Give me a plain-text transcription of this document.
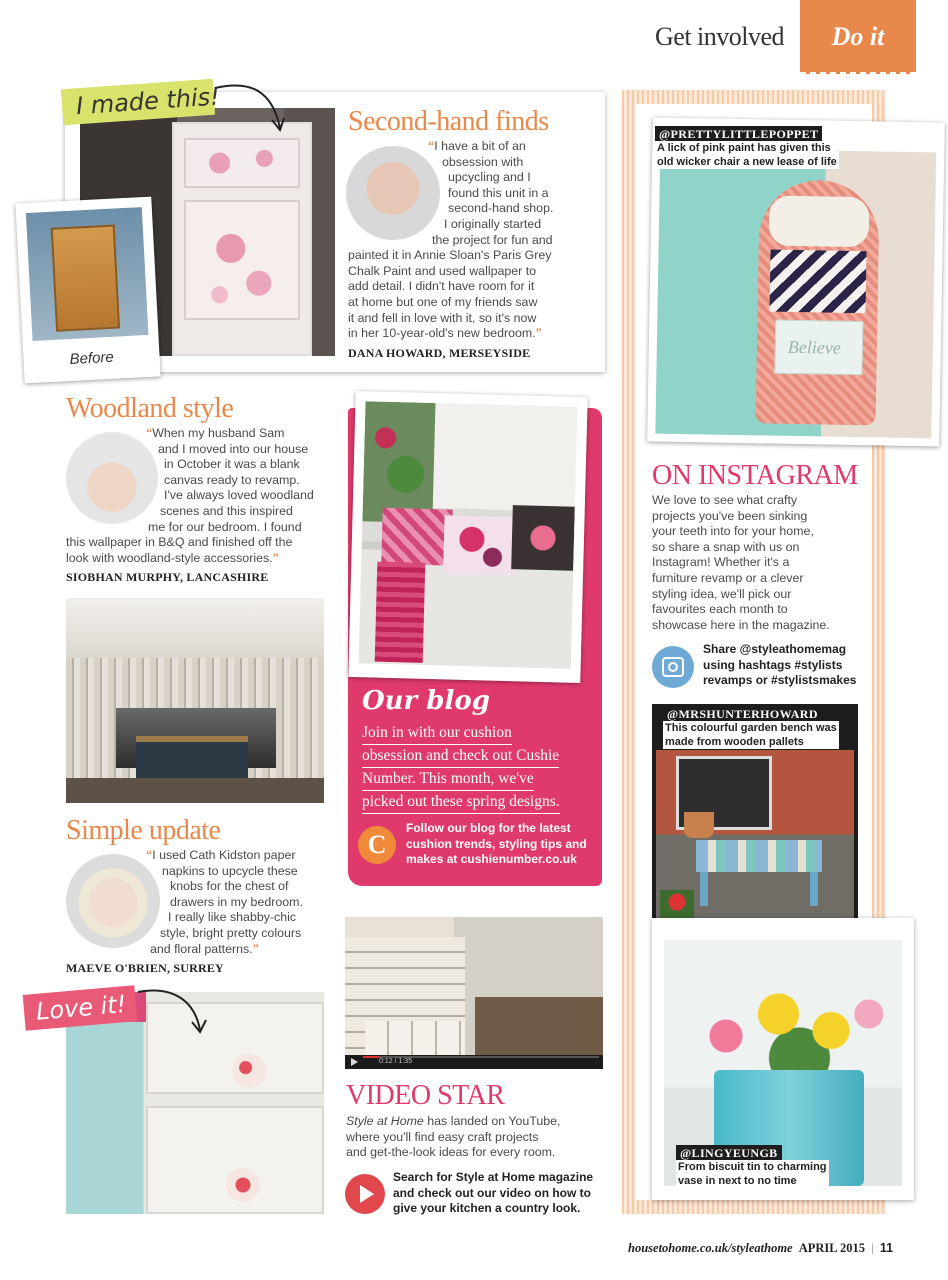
Get involved	Do it
I made this!
Before
Second-hand finds
“I have a bit of an
obsession with
upcycling and I
found this unit in a
second-hand shop.
I originally started
the project for fun and
painted it in Annie Sloan's Paris Grey
Chalk Paint and used wallpaper to
add detail. I didn't have room for it
at home but one of my friends saw
it and fell in love with it, so it's now
in her 10-year-old's new bedroom.”
DANA HOWARD, MERSEYSIDE
Woodland style
“When my husband Sam
and I moved into our house
in October it was a blank
canvas ready to revamp.
I've always loved woodland
scenes and this inspired
me for our bedroom. I found
this wallpaper in B&Q and finished off the
look with woodland-style accessories.”
SIOBHAN MURPHY, LANCASHIRE
Simple update
“I used Cath Kidston paper
napkins to upcycle these
knobs for the chest of
drawers in my bedroom.
I really like shabby-chic
style, bright pretty colours
and floral patterns.”
MAEVE O'BRIEN, SURREY
Love it!
Our blog
Join in with our cushion obsession and check out Cushie Number. This month, we've picked out these spring designs.
C
Follow our blog for the latest
cushion trends, styling tips and
makes at cushienumber.co.uk
0:12 / 1:35
VIDEO STAR
Style at Home has landed on YouTube,
where you'll find easy craft projects
and get-the-look ideas for every room.
Search for Style at Home magazine
and check out our video on how to
give your kitchen a country look.
Believe
@PRETTYLITTLEPOPPET
A lick of pink paint has given this
old wicker chair a new lease of life
ON INSTAGRAM
We love to see what crafty
projects you've been sinking
your teeth into for your home,
so share a snap with us on
Instagram! Whether it's a
furniture revamp or a clever
styling idea, we'll pick our
favourites each month to
showcase here in the magazine.
Share @styleathomemag
using hashtags #stylists
revamps or #stylistsmakes
@MRSHUNTERHOWARD
This colourful garden bench was
made from wooden pallets
@LINGYEUNGB
From biscuit tin to charming
vase in next to no time
housetohome.co.uk/styleathome APRIL 2015 | 11
